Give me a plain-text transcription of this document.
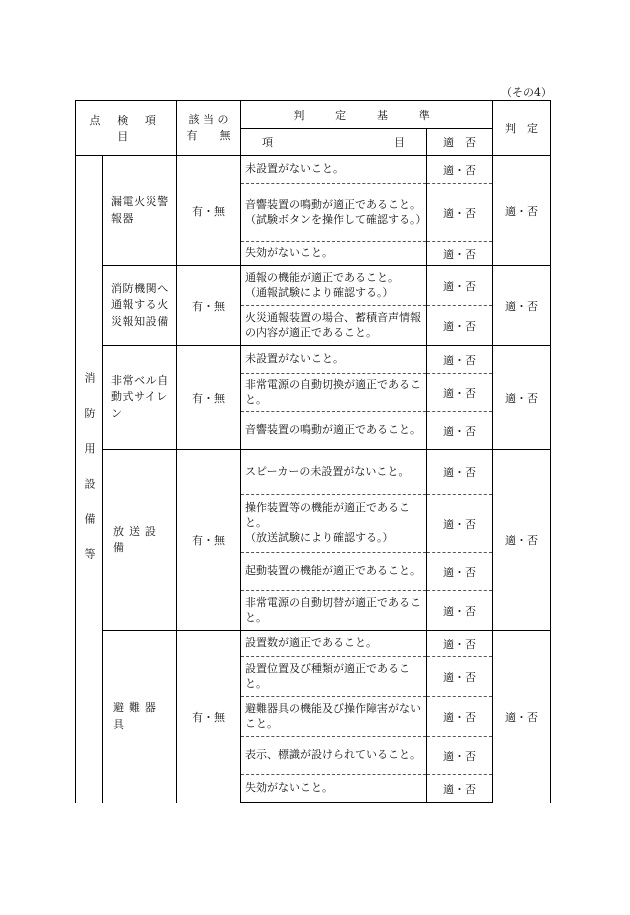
（その4）
点 検 項 目		該 当 の
有　　無	判　定　基　準		判　定
			項　　　　　　　　　　　目	適　否	
消防用設備等	漏電火災警報器	有・無	未設置がないこと。	適・否	適・否
			音響装置の鳴動が適正であること。
（試験ボタンを操作して確認する。）	適・否	
			失効がないこと。	適・否	
	消防機関へ通報する火災報知設備	有・無	通報の機能が適正であること。
（通報試験により確認する。）	適・否	適・否
			火災通報装置の場合、蓄積音声情報の内容が適正であること。	適・否	
	非常ベル自動式サイレン	有・無	未設置がないこと。	適・否	適・否
			非常電源の自動切換が適正であること。	適・否	
			音響装置の鳴動が適正であること。	適・否	
	放送設備	有・無	スピーカーの未設置がないこと。	適・否	適・否
			操作装置等の機能が適正であること。
（放送試験により確認する。）	適・否	
			起動装置の機能が適正であること。	適・否	
			非常電源の自動切替が適正であること。	適・否	
	避難器具	有・無	設置数が適正であること。	適・否	適・否
			設置位置及び種類が適正であること。	適・否	
			避難器具の機能及び操作障害がないこと。	適・否	
			表示、標識が設けられていること。	適・否	
			失効がないこと。	適・否	
